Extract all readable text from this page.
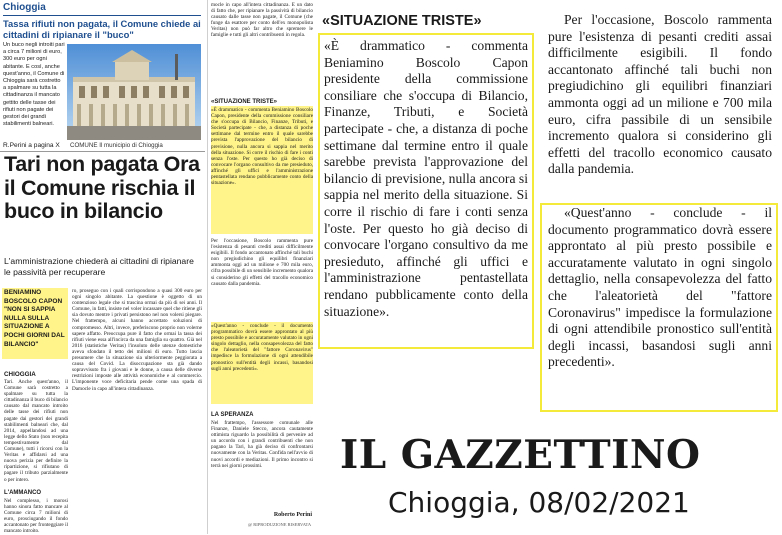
Chioggia
Tassa rifiuti non pagata, il Comune chiede ai cittadini di ripianare il "buco"
Un buco negli introiti pari a circa 7 milioni di euro, 300 euro per ogni abitante. E così, anche quest'anno, il Comune di Chioggia sarà costretto a spalmare su tutta la cittadinanza il mancato gettito delle tasse dei rifiuti non pagate dei gestori dei grandi stabilimenti balneari.
R.Perini a pagina X COMUNE Il municipio di Chioggia
Tari non pagata Ora il Comune rischia il buco in bilancio
L'amministrazione chiederà ai cittadini di ripianare le passività per recuperare
BENIAMINO BOSCOLO CAPON "NON SI SAPPIA NULLA SULLA SITUAZIONE A POCHI GIORNI DAL BILANCIO"
CHIOGGIA
Tari. Anche quest'anno, il Comune sarà costretto a spalmare su tutta la cittadinanza il buco di bilancio causato dal mancato introito delle tasse dei rifiuti non pagate dai gestori dei grandi stabilimenti balneari che, dal 2014, appellandosi ad una legge dello Stato (non recepita tempestivamente dal Comune), tutti i ricorsi con la Veritas e affidarsi ad una nuova perizia per definire la ripartizione, si rifiutano di pagare il tributo parzialmente o per intero.
L'AMMANCO
Nel complesso, i morosi hanno sinora fatto mancare al Comune circa 7 milioni di euro, prosciugando il fondo accantonato per fronteggiare il mancato introito.
ro, proseguo con i quali corrispondono a quasi 300 euro per ogni singolo abitante. La questione è oggetto di un contenzioso legale che si trascina ormai da più di sei anni. Il Comune, in fatti, insiste nel voler incassare quel che ritiene gli sia dovuto mentre i privati persistono nel non volersi piegare. Nel frattempo, alcuni hanno accettato soluzioni di compromesso. Altri, invece, preferiscono proprio non volerne sapere affatto. Preoccupa pure il fatto che ormai la tassa dei rifiuti viene essa all'incirca da una famiglia su quattro. Già nel 2016 (statistiche Veritas) l'insoluto delle utenze domestiche aveva sfondato il tetto dei milioni di euro. Tutto lascia presumere che la situazione sia ulteriormente peggiorata a causa del Covid. La disoccupazione sta già dando sopravvisuto fra i giovani e le donne, a causa delle diverse restrizioni imposte alle attività economiche e al commercio. L'imponente voce deficitaria pende come una spada di Damocle in capo all'intera cittadinanza.
mocle in capo all'intera cittadinanza. E un dato di fatto che, per ripianare la passività di bilancio causato dalle tasse non pagate, il Comune (che funge da esattore per conto dell'ex monopolista Veritas) non può far altro che spremere le famiglie e tutti gli altri contribuenti in regola.
«SITUAZIONE TRISTE»
«È drammatico - commenta Beniamino Boscolo Capon, presidente della commissione consiliare che s'occupa di Bilancio, Finanze, Tributi, e Società partecipate - che, a distanza di poche settimane dal termine entro il quale sarebbe prevista l'approvazione del bilancio di previsione, nulla ancora si sappia nel merito della situazione. Si corre il rischio di fare i conti senza l'oste. Per questo ho già deciso di convocare l'organo consultivo da me presieduto, affinché gli uffici e l'amministrazione pentastellata rendano pubblicamente conto della situazione».
Per l'occasione, Boscolo rammenta pure l'esistenza di pesanti crediti assai difficilmente esigibili. Il fondo accantonato affinché tali buchi non pregiudichino gli equilibri finanziari ammonta oggi ad un milione e 700 mila euro, cifra possibile di un sensibile incremento qualora si considerino gli effetti del tracollo economico causato dalla pandemia.
«Quest'anno - conclude - il documento programmatico dovrà essere approntato al più presto possibile e accuratamente valutato in ogni singolo dettaglio, nella consapevolezza del fatto che l'aleatorietà del "fattore Coronavirus" impedisce la formulazione di ogni attendibile pronostico sull'entità degli incassi, basandosi sugli anni precedenti».
LA SPERANZA
Nel frattempo, l'assessore comunale alle Finanze, Daniele Stecco, ancora cautamente ottimista riguardo la possibilità di pervenire ad un accordo con i grandi contribuenti che non pagano la Tari, ha già deciso di confrontarsi nuovamente con la Veritas. Confida nell'avvio di nuovi accordi e mediazioni. Il primo incontro si terrà nei giorni prossimi.
Roberto Perini
@ RIPRODUZIONE RISERVATA
«SITUAZIONE TRISTE»
«È drammatico - commenta Beniamino Boscolo Capon presidente della commissione consiliare che s'occupa di Bilancio, Finanze, Tributi, e Società partecipate - che, a distanza di poche settimane dal termine entro il quale sarebbe prevista l'approvazione del bilancio di previsione, nulla ancora si sappia nel merito della situazione. Si corre il rischio di fare i conti senza l'oste. Per questo ho già deciso di convocare l'organo consultivo da me presieduto, affinché gli uffici e l'amministrazione pentastellata rendano pubblicamente conto della situazione».
Per l'occasione, Boscolo rammenta pure l'esistenza di pesanti crediti assai difficilmente esigibili. Il fondo accantonato affinché tali buchi non pregiudichino gli equilibri finanziari ammonta oggi ad un milione e 700 mila euro, cifra passibile di un sensibile incremento qualora si considerino gli effetti del tracollo economico causato dalla pandemia.
«Quest'anno - conclude - il documento programmatico dovrà essere approntato al più presto possibile e accuratamente valutato in ogni singolo dettaglio, nella consapevolezza del fatto che l'aleatorietà del "fattore Coronavirus" impedisce la formulazione di ogni attendibile pronostico sull'entità degli incassi, basandosi sugli anni precedenti».
IL GAZZETTINO
Chioggia, 08/02/2021
